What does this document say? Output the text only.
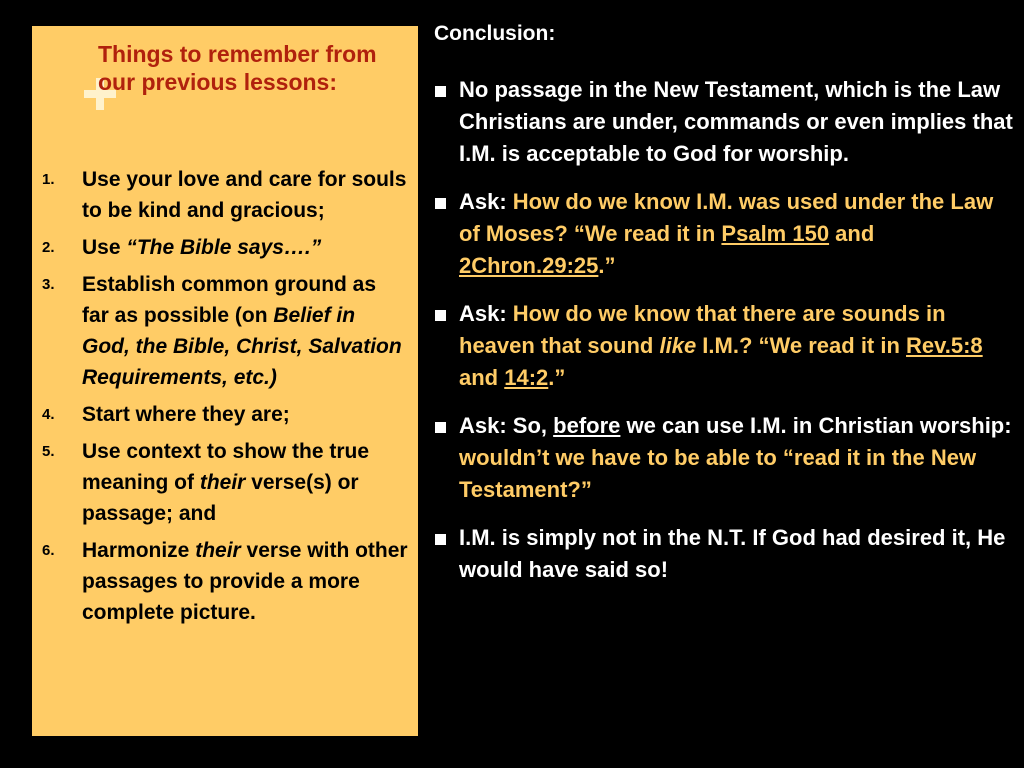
Things to remember from our previous lessons:
1. Use your love and care for souls to be kind and gracious;
2. Use “The Bible says….”
3. Establish common ground as far as possible (on Belief in God, the Bible, Christ, Salvation Requirements, etc.)
4. Start where they are;
5. Use context to show the true meaning of their verse(s) or passage; and
6. Harmonize their verse with other passages to provide a more complete picture.
Conclusion:
No passage in the New Testament, which is the Law Christians are under, commands or even implies that I.M. is acceptable to God for worship.
Ask: How do we know I.M. was used under the Law of Moses? “We read it in Psalm 150 and 2Chron.29:25.”
Ask: How do we know that there are sounds in heaven that sound like I.M.? “We read it in Rev.5:8 and 14:2.”
Ask: So, before we can use I.M. in Christian worship: wouldn’t we have to be able to “read it in the New Testament?”
I.M. is simply not in the N.T. If God had desired it, He would have said so!
